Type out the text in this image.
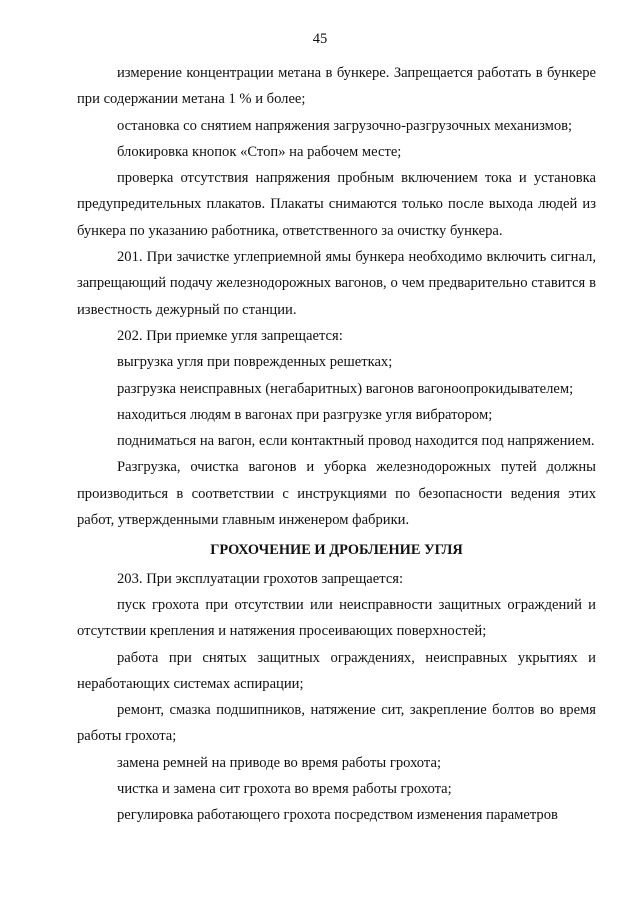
45

измерение концентрации метана в бункере. Запрещается работать в бункере при содержании метана 1 % и более;

остановка со снятием напряжения загрузочно-разгрузочных механизмов;

блокировка кнопок «Стоп» на рабочем месте;

проверка отсутствия напряжения пробным включением тока и установка предупредительных плакатов. Плакаты снимаются только после выхода людей из бункера по указанию работника, ответственного за очистку бункера.

201. При зачистке углеприемной ямы бункера необходимо включить сигнал, запрещающий подачу железнодорожных вагонов, о чем предварительно ставится в известность дежурный по станции.

202. При приемке угля запрещается:

выгрузка угля при поврежденных решетках;

разгрузка неисправных (негабаритных) вагонов вагоноопрокидывателем;

находиться людям в вагонах при разгрузке угля вибратором;

подниматься на вагон, если контактный провод находится под напряжением.

Разгрузка, очистка вагонов и уборка железнодорожных путей должны производиться в соответствии с инструкциями по безопасности ведения этих работ, утвержденными главным инженером фабрики.

ГРОХОЧЕНИЕ И ДРОБЛЕНИЕ УГЛЯ

203. При эксплуатации грохотов запрещается:

пуск грохота при отсутствии или неисправности защитных ограждений и отсутствии крепления и натяжения просеивающих поверхностей;

работа при снятых защитных ограждениях, неисправных укрытиях и неработающих системах аспирации;

ремонт, смазка подшипников, натяжение сит, закрепление болтов во время работы грохота;

замена ремней на приводе во время работы грохота;

чистка и замена сит грохота во время работы грохота;

регулировка работающего грохота посредством изменения параметров
